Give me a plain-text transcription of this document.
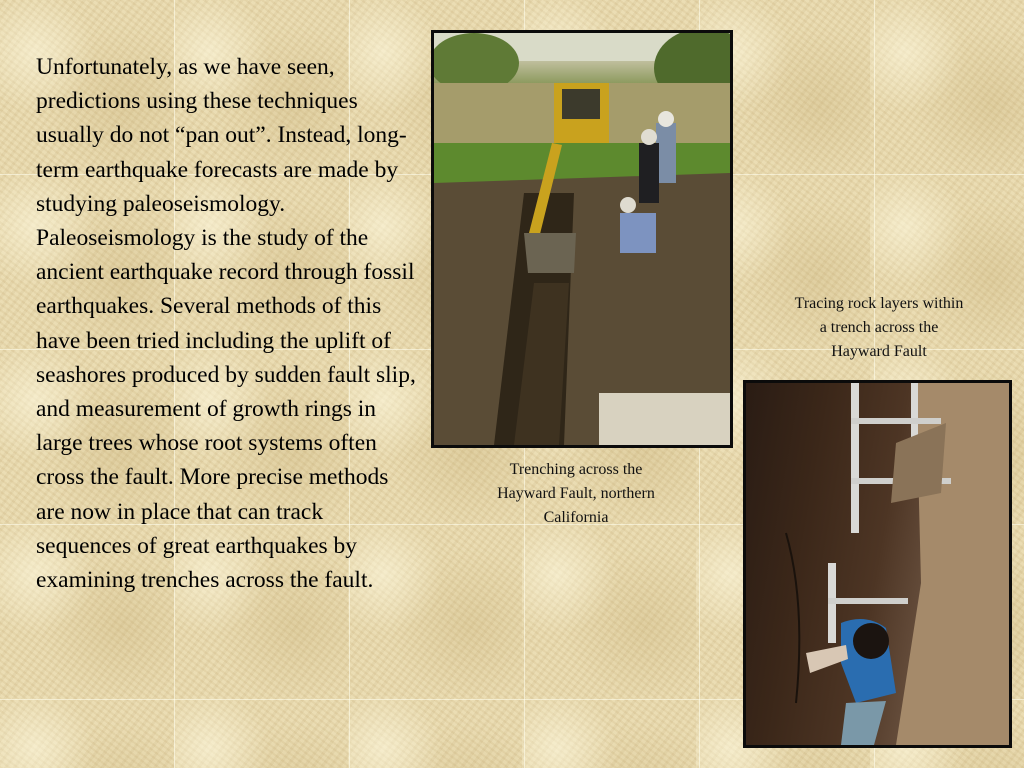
Unfortunately, as we have seen, predictions using these techniques usually do not “pan out”. Instead, long-term earthquake forecasts are made by studying paleoseismology. Paleoseismology is the study of the ancient earthquake record through fossil earthquakes. Several methods of this have been tried including the uplift of seashores produced by sudden fault slip, and measurement of growth rings in large trees whose root systems often cross the fault. More precise methods are now in place that can track sequences of great earthquakes by examining trenches across the fault.
Trenching across the
Hayward Fault, northern
California
Tracing rock layers within
a trench across the
Hayward Fault
